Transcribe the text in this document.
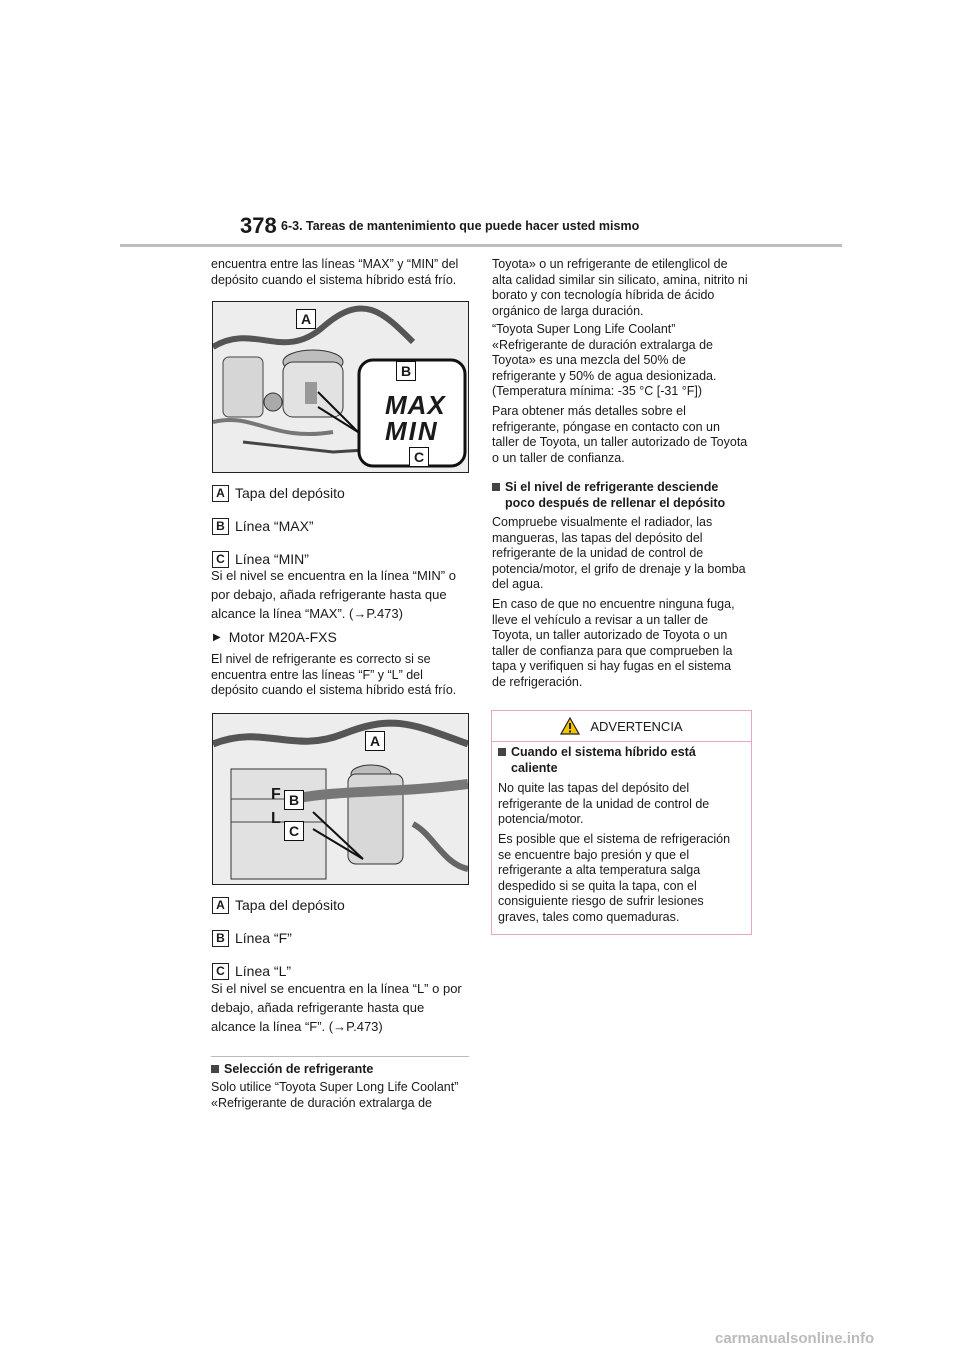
378 6-3. Tareas de mantenimiento que puede hacer usted mismo

encuentra entre las líneas “MAX” y “MIN” del depósito cuando el sistema híbrido está frío.

MAX
MIN
A
B
C
A Tapa del depósito
B Línea “MAX”
C Línea “MIN”
Si el nivel se encuentra en la línea “MIN” o
por debajo, añada refrigerante hasta que
alcance la línea “MAX”. (→P.473)
▶ Motor M20A-FXS

El nivel de refrigerante es correcto si se encuentra entre las líneas “F” y “L” del depósito cuando el sistema híbrido está frío.

F
L
A
B
C
A Tapa del depósito
B Línea “F”
C Línea “L”
Si el nivel se encuentra en la línea “L” o por
debajo, añada refrigerante hasta que
alcance la línea “F”. (→P.473)
Selección de refrigerante

Solo utilice “Toyota Super Long Life Coolant” «Refrigerante de duración extralarga de

Toyota» o un refrigerante de etilenglicol de alta calidad similar sin silicato, amina, nitrito ni borato y con tecnología híbrida de ácido orgánico de larga duración.

“Toyota Super Long Life Coolant” «Refrigerante de duración extralarga de Toyota» es una mezcla del 50% de refrigerante y 50% de agua desionizada. (Temperatura mínima: -35 °C [-31 °F])

Para obtener más detalles sobre el refrigerante, póngase en contacto con un taller de Toyota, un taller autorizado de Toyota o un taller de confianza.

Si el nivel de refrigerante desciende poco después de rellenar el depósito

Compruebe visualmente el radiador, las mangueras, las tapas del depósito del refrigerante de la unidad de control de potencia/motor, el grifo de drenaje y la bomba del agua.

En caso de que no encuentre ninguna fuga, lleve el vehículo a revisar a un taller de Toyota, un taller autorizado de Toyota o un taller de confianza para que comprueben la tapa y verifiquen si hay fugas en el sistema de refrigeración.

ADVERTENCIA
Cuando el sistema híbrido está caliente

No quite las tapas del depósito del refrigerante de la unidad de control de potencia/motor.

Es posible que el sistema de refrigeración se encuentre bajo presión y que el refrigerante a alta temperatura salga despedido si se quita la tapa, con el consiguiente riesgo de sufrir lesiones graves, tales como quemaduras.

carmanualsonline.info
